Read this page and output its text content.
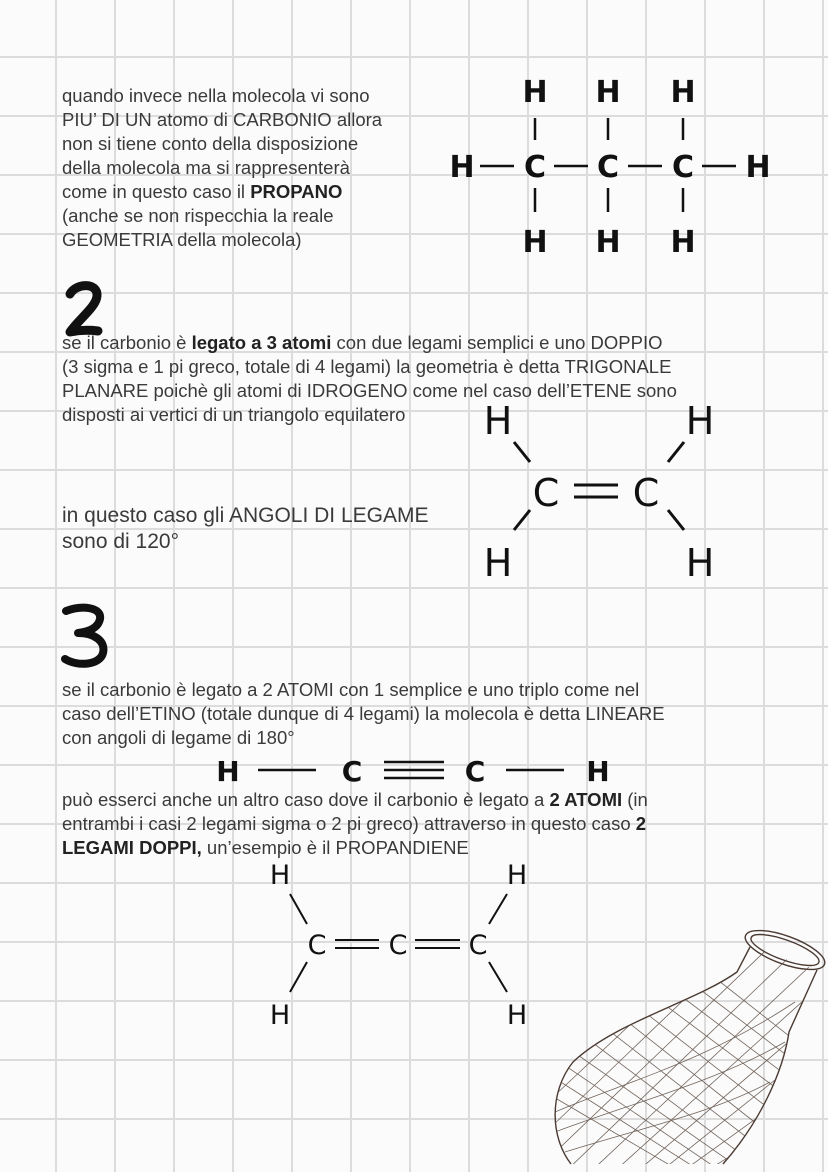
quando invece nella molecola vi sono
PIU’ DI UN atomo di CARBONIO allora
non si tiene conto della disposizione
della molecola ma si rappresenterà
come in questo caso il PROPANO
(anche se non rispecchia la reale
GEOMETRIA della molecola)
H H H
H C C C H
H H H
se il carbonio è legato a 3 atomi con due legami semplici e uno DOPPIO
(3 sigma e 1 pi greco, totale di 4 legami) la geometria è detta TRIGONALE
PLANARE poichè gli atomi di IDROGENO come nel caso dell’ETENE sono
disposti ai vertici di un triangolo equilatero
in questo caso gli ANGOLI DI LEGAME
sono di 120°
H	H
C C
H	H
se il carbonio è legato a 2 ATOMI con 1 semplice e uno triplo come nel
caso dell’ETINO (totale dunque di 4 legami) la molecola è detta LINEARE
con angoli di legame di 180°
H	C	C	H
può esserci anche un altro caso dove il carbonio è legato a 2 ATOMI (in
entrambi i casi 2 legami sigma o 2 pi greco) attraverso in questo caso 2
LEGAMI DOPPI, un’esempio è il PROPANDIENE
H	H
C C C
H	H
